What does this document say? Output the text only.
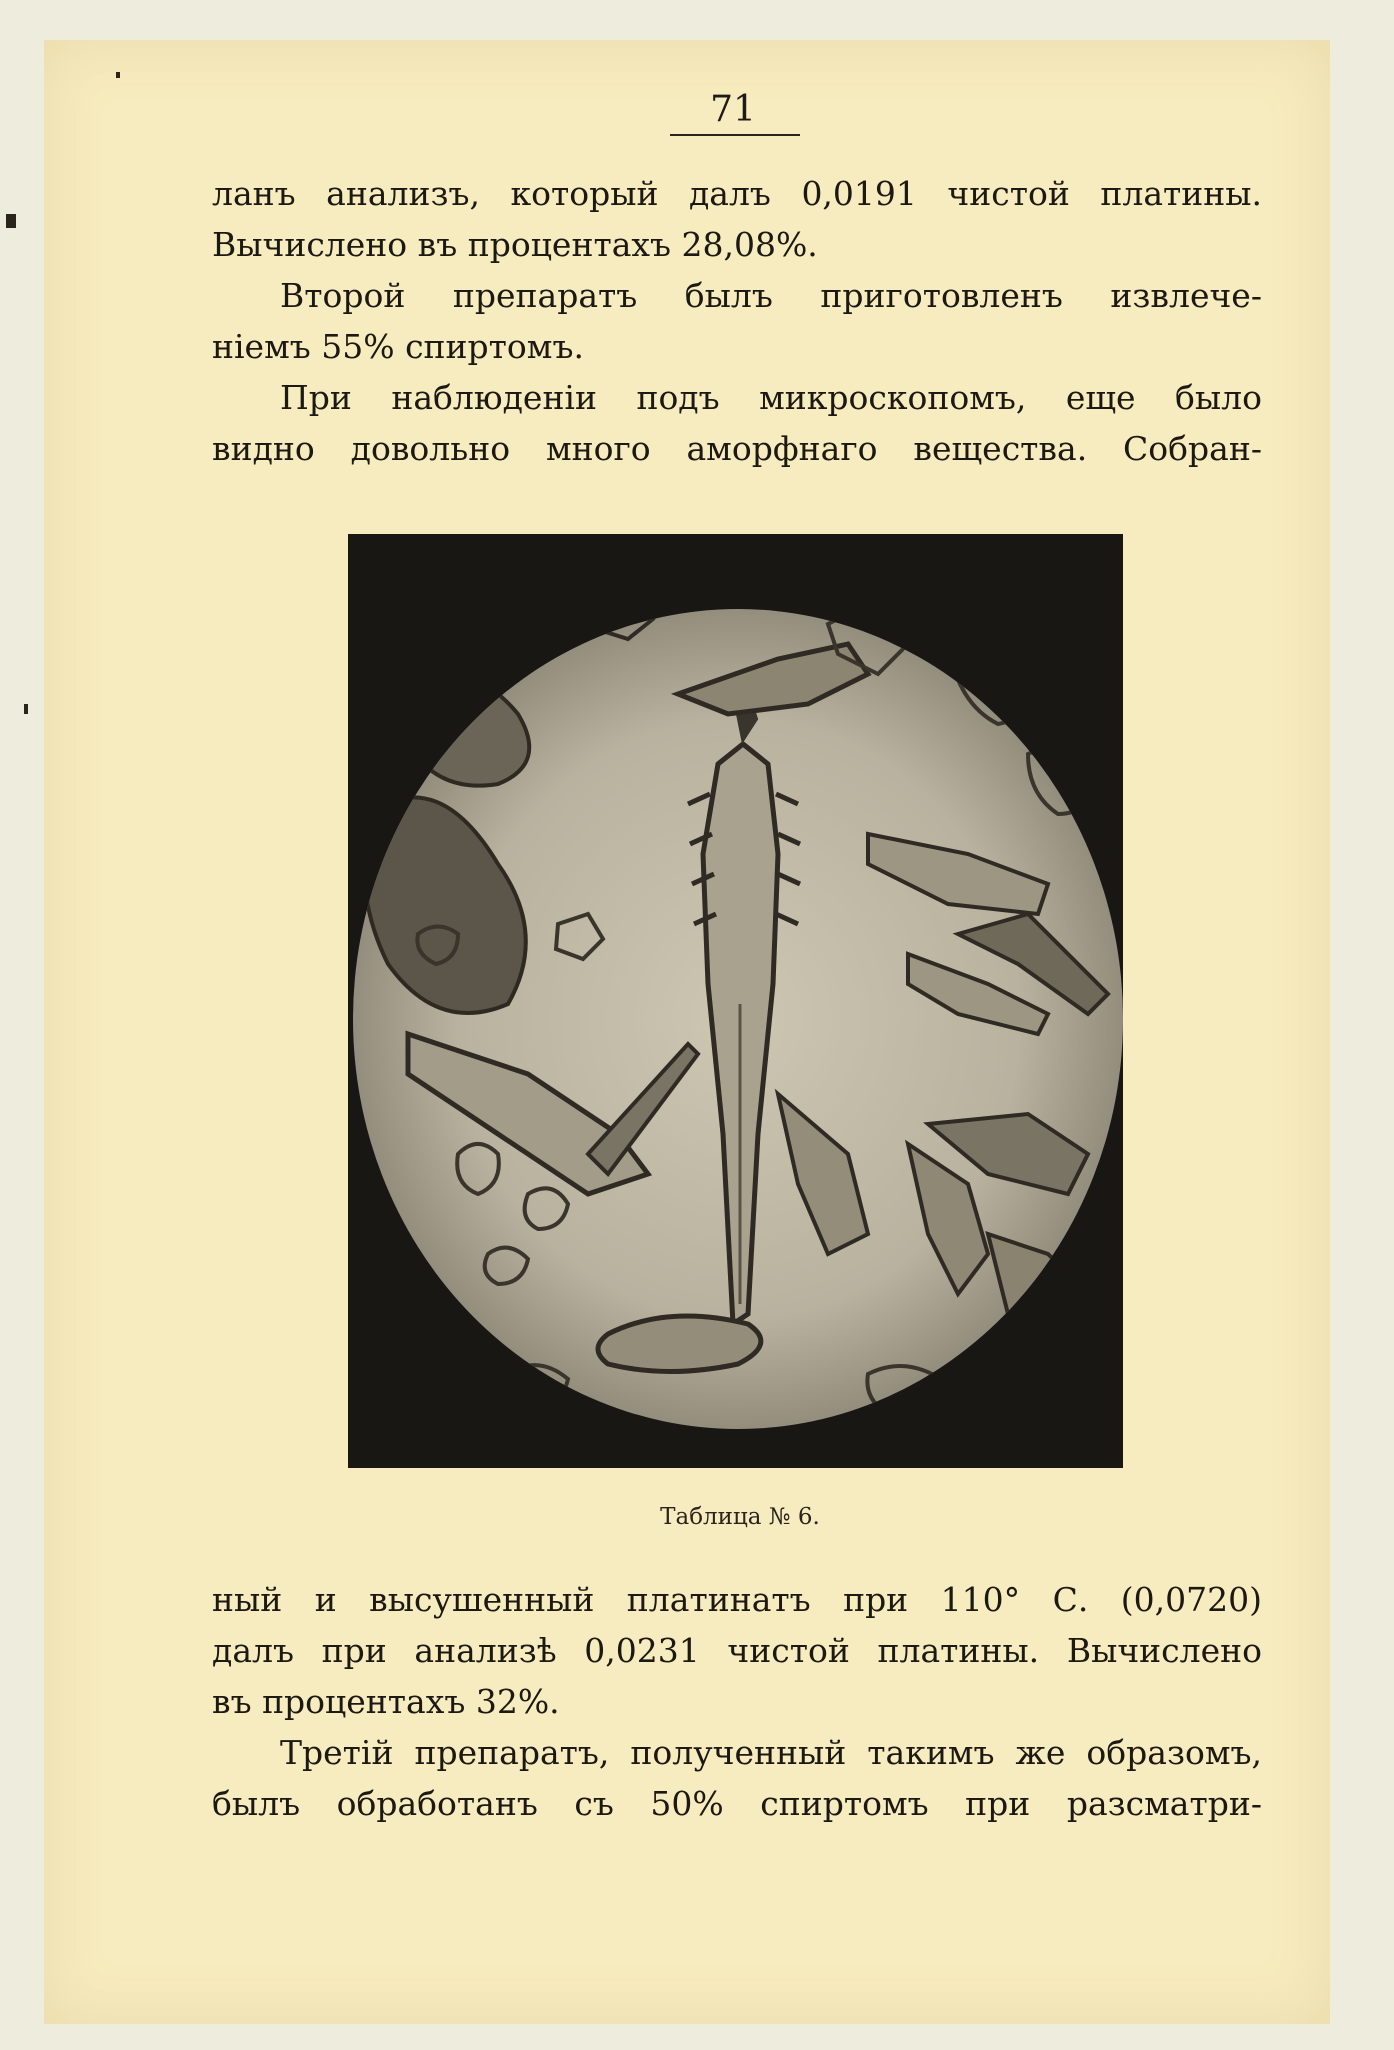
71

ланъ анализъ, который далъ 0,0191 чистой платины.

Вычислено въ процентахъ 28,08%.

Второй препаратъ былъ приготовленъ извлече-

ніемъ 55% спиртомъ.

При наблюденіи подъ микроскопомъ, еще было

видно довольно много аморфнаго вещества. Собран-

Таблица № 6.

ный и высушенный платинатъ при 110° С. (0,0720)

далъ при анализѣ 0,0231 чистой платины. Вычислено

въ процентахъ 32%.

Третій препаратъ, полученный такимъ же образомъ,

былъ обработанъ съ 50% спиртомъ при разсматри-
